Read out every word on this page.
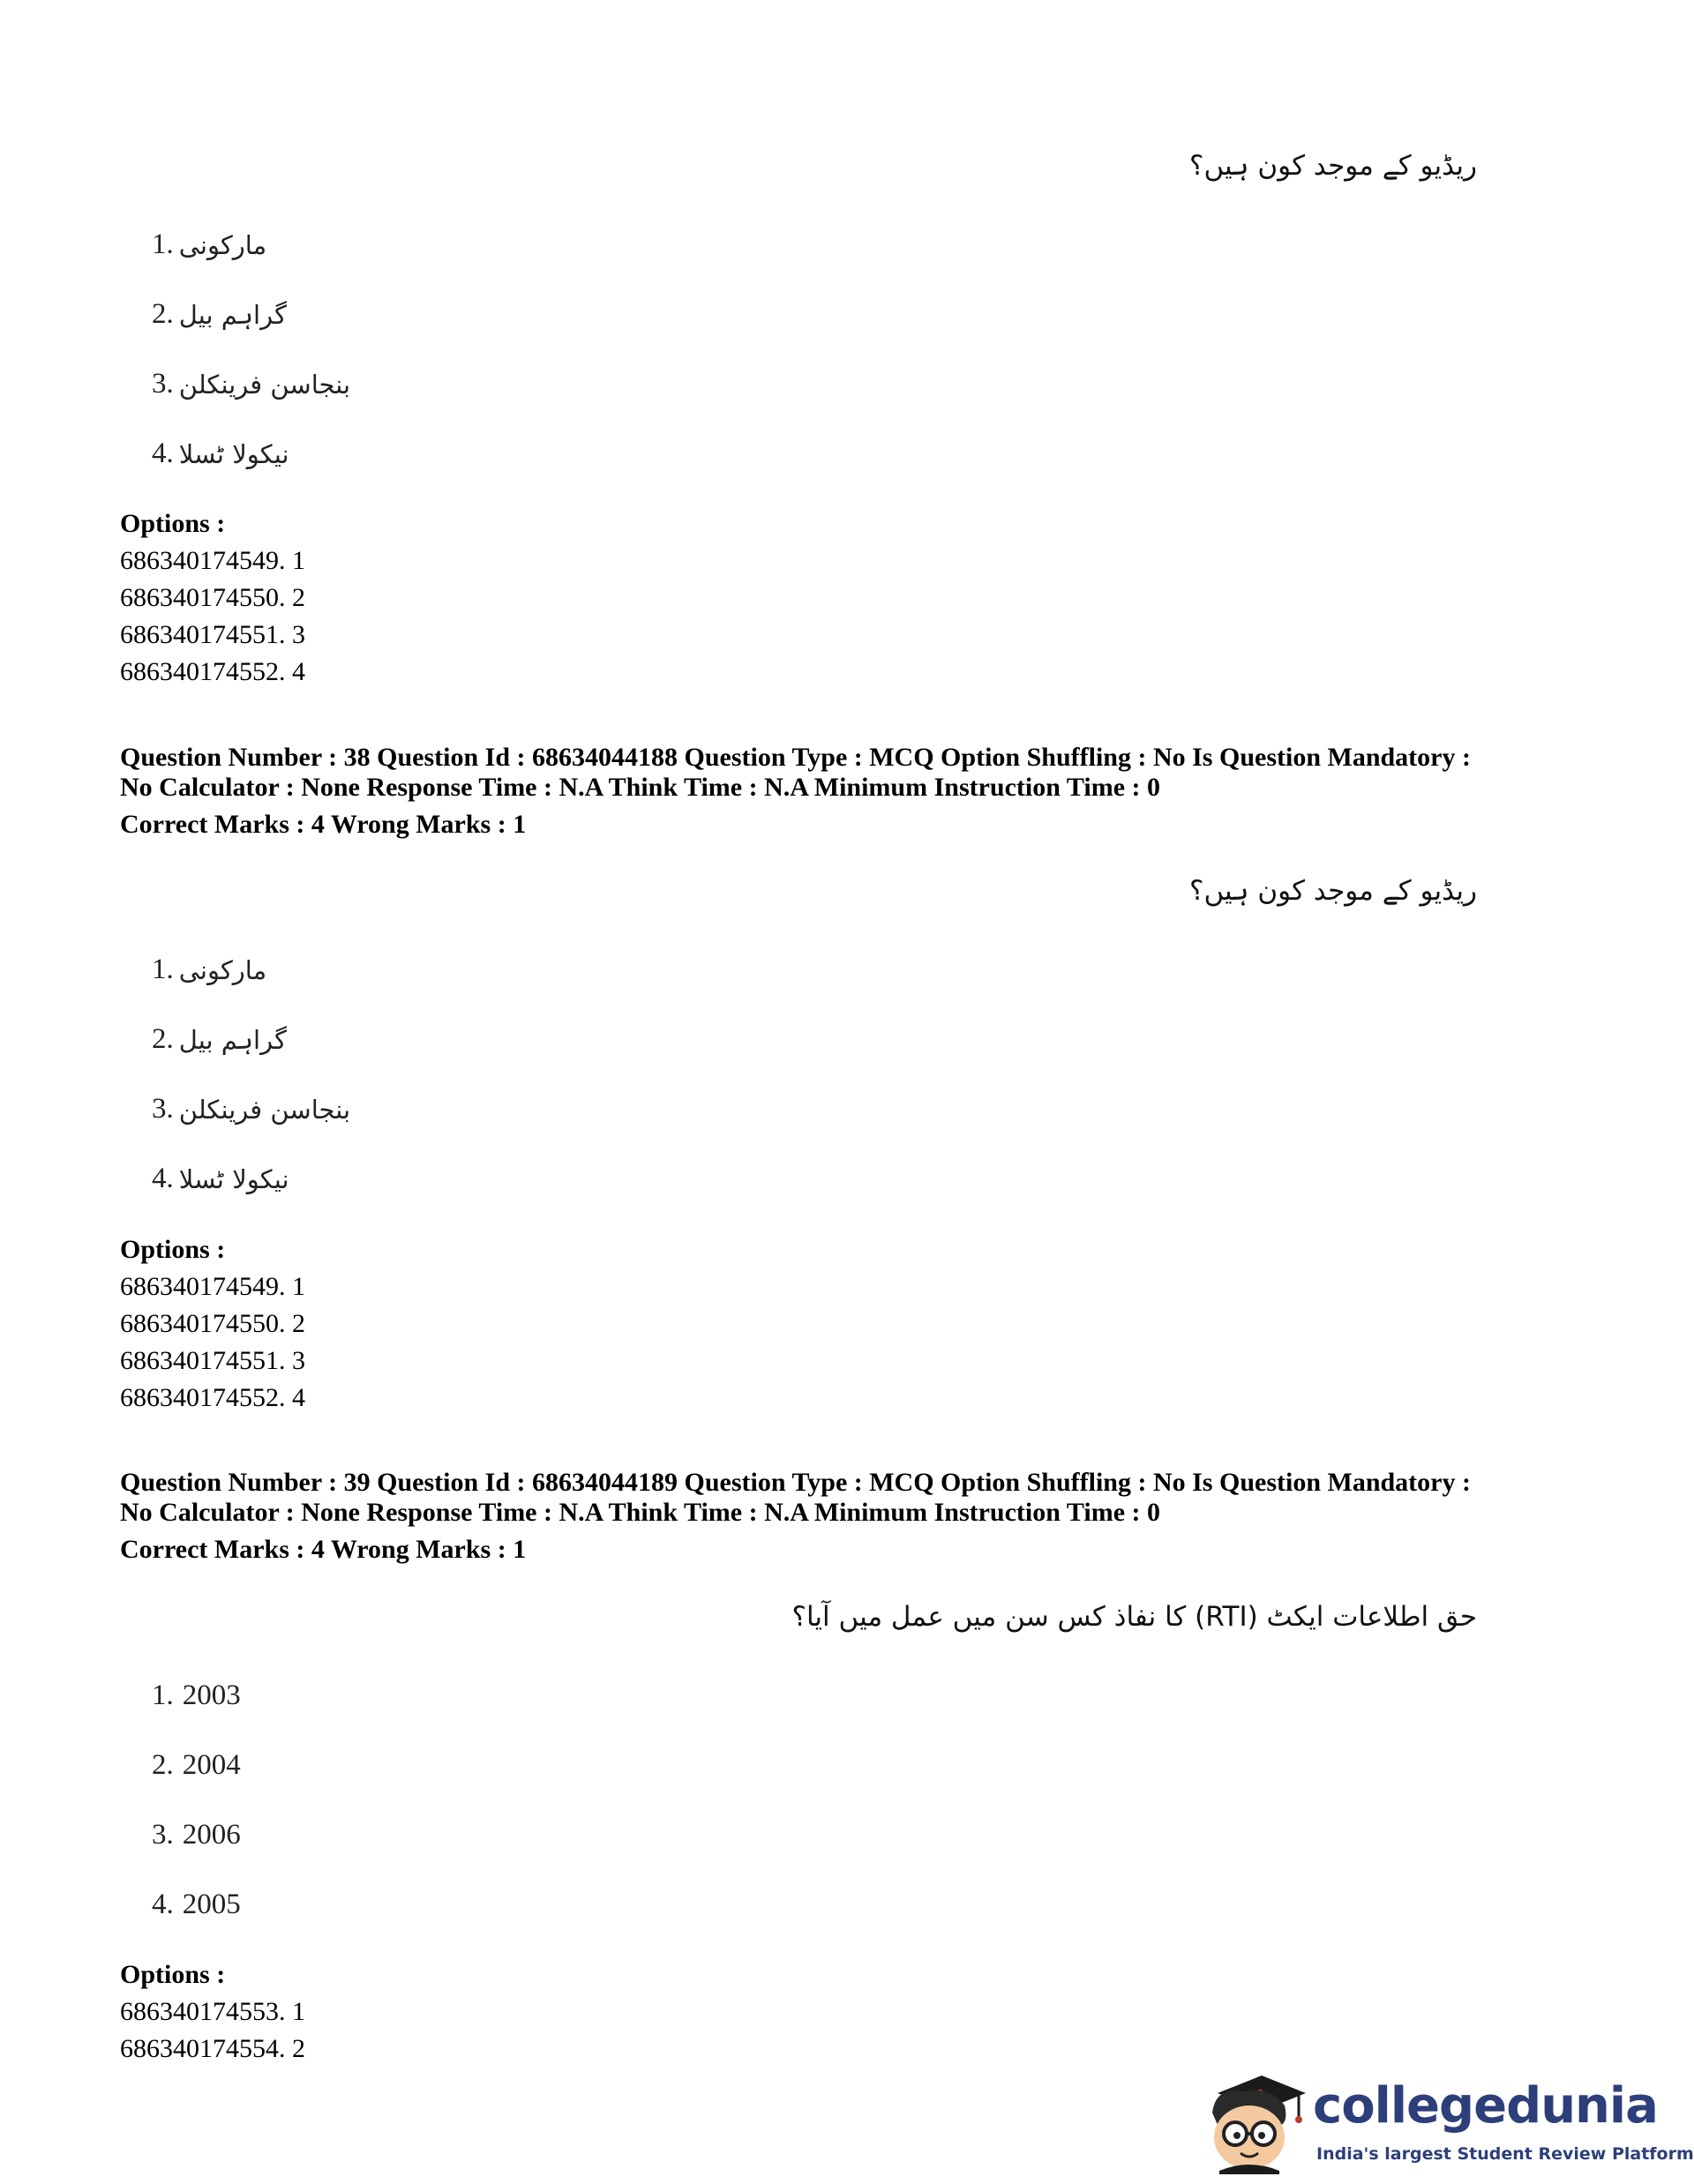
ریڈیو کے موجد کون ہیں؟
1. مارکونی
2. گراہم بیل
3. بنجاسن فرینکلن
4. نیکولا ٹسلا
Options :
686340174549. 1
686340174550. 2
686340174551. 3
686340174552. 4

Question Number : 38 Question Id : 68634044188 Question Type : MCQ Option Shuffling : No Is Question Mandatory :

No Calculator : None Response Time : N.A Think Time : N.A Minimum Instruction Time : 0

Correct Marks : 4 Wrong Marks : 1

ریڈیو کے موجد کون ہیں؟
1. مارکونی
2. گراہم بیل
3. بنجاسن فرینکلن
4. نیکولا ٹسلا
Options :
686340174549. 1
686340174550. 2
686340174551. 3
686340174552. 4

Question Number : 39 Question Id : 68634044189 Question Type : MCQ Option Shuffling : No Is Question Mandatory :

No Calculator : None Response Time : N.A Think Time : N.A Minimum Instruction Time : 0

Correct Marks : 4 Wrong Marks : 1

حق اطلاعات ایکٹ (RTI) کا نفاذ کس سن میں عمل میں آیا؟
1. 2003
2. 2004
3. 2006
4. 2005
Options :
686340174553. 1
686340174554. 2
collegedunia
India's largest Student Review Platform
